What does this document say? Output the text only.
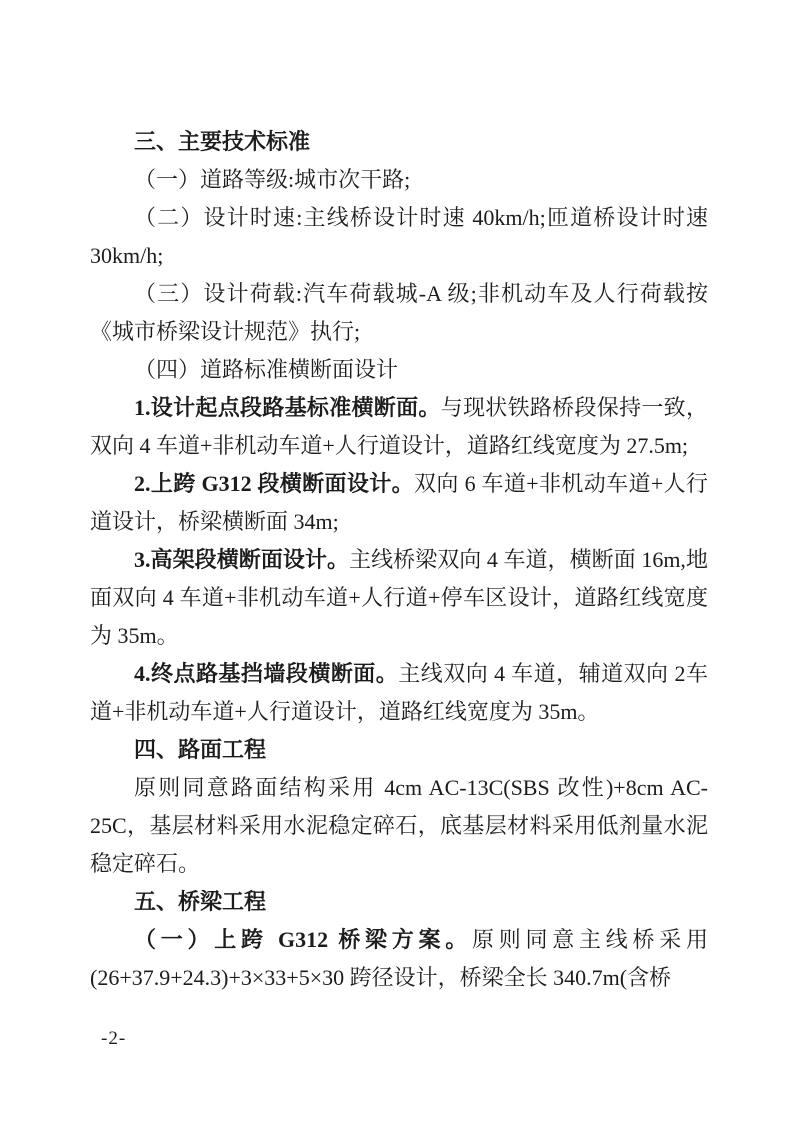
三、主要技术标准

（一）道路等级:城市次干路;

（二）设计时速:主线桥设计时速 40km/h;匝道桥设计时速30km/h;

（三）设计荷载:汽车荷载城-A 级;非机动车及人行荷载按《城市桥梁设计规范》执行;

（四）道路标准横断面设计

1.设计起点段路基标准横断面。与现状铁路桥段保持一致，双向 4 车道+非机动车道+人行道设计，道路红线宽度为 27.5m;

2.上跨 G312 段横断面设计。双向 6 车道+非机动车道+人行道设计，桥梁横断面 34m;

3.高架段横断面设计。主线桥梁双向 4 车道，横断面 16m,地面双向 4 车道+非机动车道+人行道+停车区设计，道路红线宽度为 35m。

4.终点路基挡墙段横断面。主线双向 4 车道，辅道双向 2车道+非机动车道+人行道设计，道路红线宽度为 35m。

四、路面工程

原则同意路面结构采用 4cm AC-13C(SBS 改性)+8cm AC-25C，基层材料采用水泥稳定碎石，底基层材料采用低剂量水泥稳定碎石。

五、桥梁工程

（一）上跨 G312 桥梁方案。原则同意主线桥采用(26+37.9+24.3)+3×33+5×30 跨径设计，桥梁全长 340.7m(含桥

-2-
